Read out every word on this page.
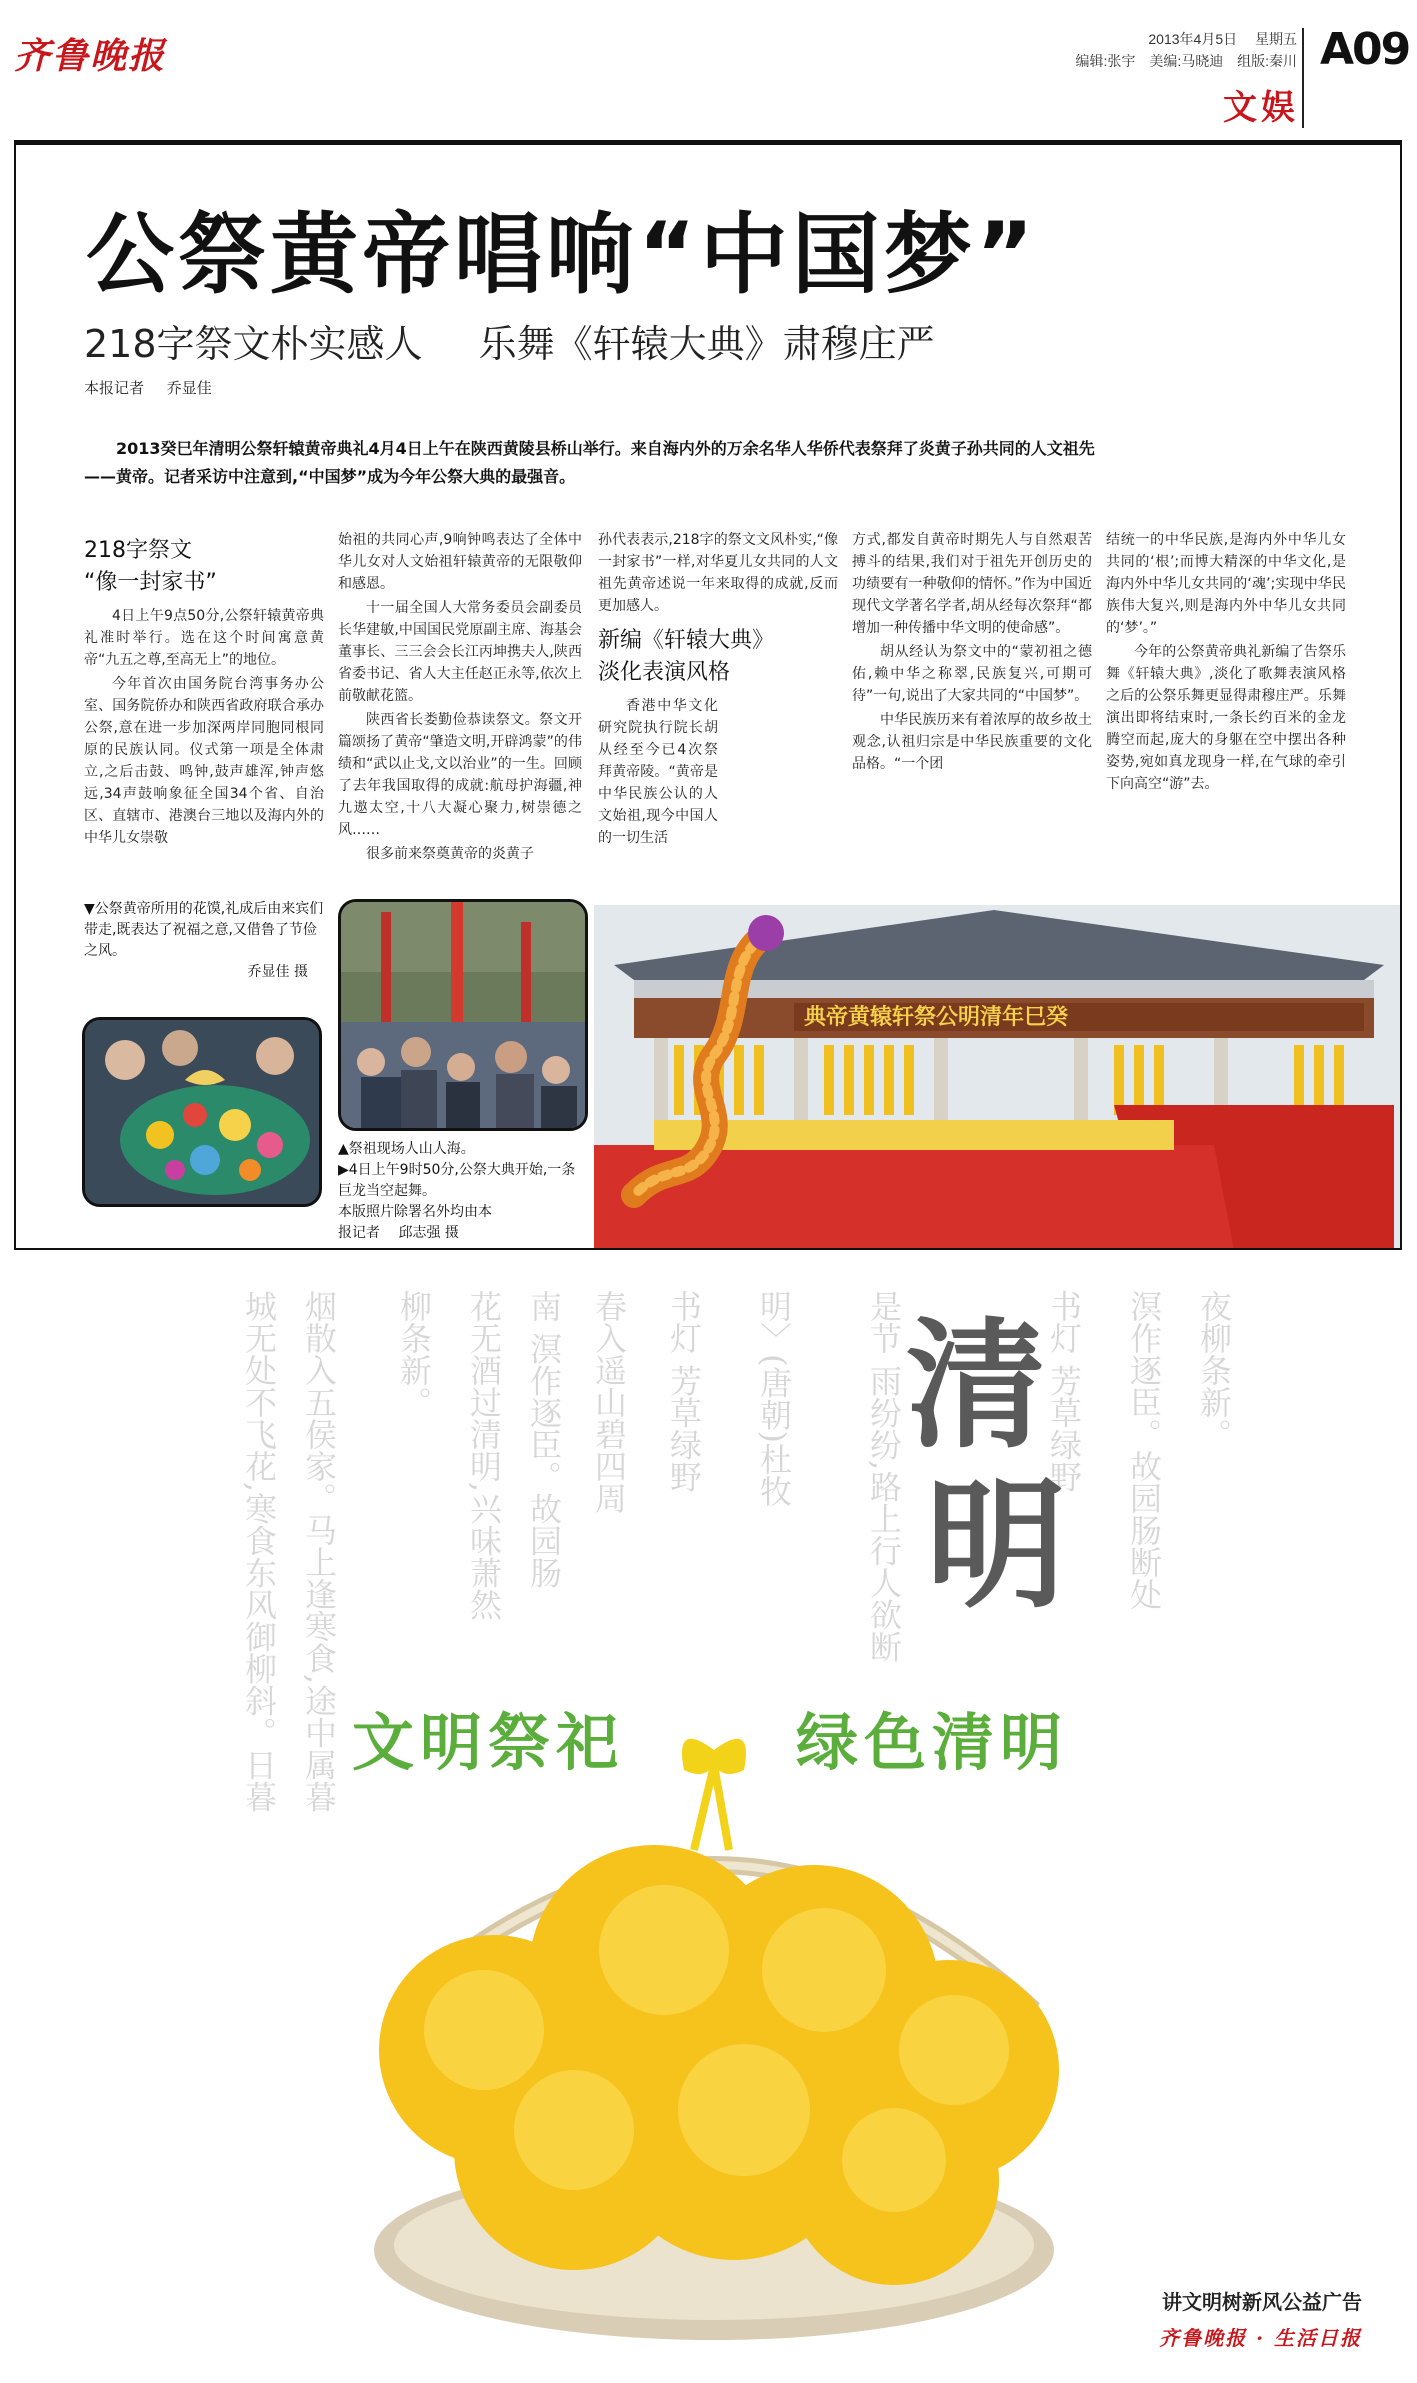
齐鲁晚报	2013年4月5日 星期五
编辑:张宇 美编:马晓迪 组版:秦川
文娱
A09
公祭黄帝唱响“中国梦”
218字祭文朴实感人 乐舞《轩辕大典》肃穆庄严
本报记者 乔显佳

2013癸巳年清明公祭轩辕黄帝典礼4月4日上午在陕西黄陵县桥山举行。来自海内外的万余名华人华侨代表祭拜了炎黄子孙共同的人文祖先——黄帝。记者采访中注意到,“中国梦”成为今年公祭大典的最强音。

218字祭文
“像一封家书”

4日上午9点50分,公祭轩辕黄帝典礼准时举行。选在这个时间寓意黄帝“九五之尊,至高无上”的地位。

今年首次由国务院台湾事务办公室、国务院侨办和陕西省政府联合承办公祭,意在进一步加深两岸同胞同根同原的民族认同。仪式第一项是全体肃立,之后击鼓、鸣钟,鼓声雄浑,钟声悠远,34声鼓响象征全国34个省、自治区、直辖市、港澳台三地以及海内外的中华儿女崇敬

始祖的共同心声,9响钟鸣表达了全体中华儿女对人文始祖轩辕黄帝的无限敬仰和感恩。

十一届全国人大常务委员会副委员长华建敏,中国国民党原副主席、海基会董事长、三三会会长江丙坤携夫人,陕西省委书记、省人大主任赵正永等,依次上前敬献花篮。

陕西省长娄勤俭恭读祭文。祭文开篇颂扬了黄帝“肇造文明,开辟鸿蒙”的伟绩和“武以止戈,文以治业”的一生。回顾了去年我国取得的成就:航母护海疆,神九遨太空,十八大凝心聚力,树崇德之风……

很多前来祭奠黄帝的炎黄子

孙代表表示,218字的祭文文风朴实,“像一封家书”一样,对华夏儿女共同的人文祖先黄帝述说一年来取得的成就,反而更加感人。

新编《轩辕大典》
淡化表演风格

香港中华文化研究院执行院长胡从经至今已4次祭拜黄帝陵。“黄帝是中华民族公认的人文始祖,现今中国人的一切生活

方式,都发自黄帝时期先人与自然艰苦搏斗的结果,我们对于祖先开创历史的功绩要有一种敬仰的情怀。”作为中国近现代文学著名学者,胡从经每次祭拜“都增加一种传播中华文明的使命感”。

胡从经认为祭文中的“蒙初祖之德佑,赖中华之称翠,民族复兴,可期可待”一句,说出了大家共同的“中国梦”。

中华民族历来有着浓厚的故乡故土观念,认祖归宗是中华民族重要的文化品格。“一个团

结统一的中华民族,是海内外中华儿女共同的‘根’;而博大精深的中华文化,是海内外中华儿女共同的‘魂’;实现中华民族伟大复兴,则是海内外中华儿女共同的‘梦’。”

今年的公祭黄帝典礼新编了告祭乐舞《轩辕大典》,淡化了歌舞表演风格之后的公祭乐舞更显得肃穆庄严。乐舞演出即将结束时,一条长约百米的金龙腾空而起,庞大的身躯在空中摆出各种姿势,宛如真龙现身一样,在气球的牵引下向高空“游”去。

▼公祭黄帝所用的花馍,礼成后由来宾们带走,既表达了祝福之意,又借鲁了节俭之风。
乔显佳 摄
▲祭祖现场人山人海。
▶4日上午9时50分,公祭大典开始,一条巨龙当空起舞。
本版照片除署名外均由本
报记者 邱志强 摄
典帝黄辕轩祭公明清年巳癸
城无处不飞花,寒食东风御柳斜。日暮 烟散入五侯家。马上逢寒食,途中属暮 柳条新。 花无酒过清明,兴味萧然 南 溟作逐臣。故园肠 春入遥山碧四周 书灯 芳草绿野 明〉(唐朝)杜牧 是节 雨纷纷,路上行人欲断	书灯 芳草绿野 溟作逐臣。故园肠断处 夜柳条新。
清
明
文明祭祀	绿色清明
讲文明树新风公益广告
齐鲁晚报 · 生活日报
